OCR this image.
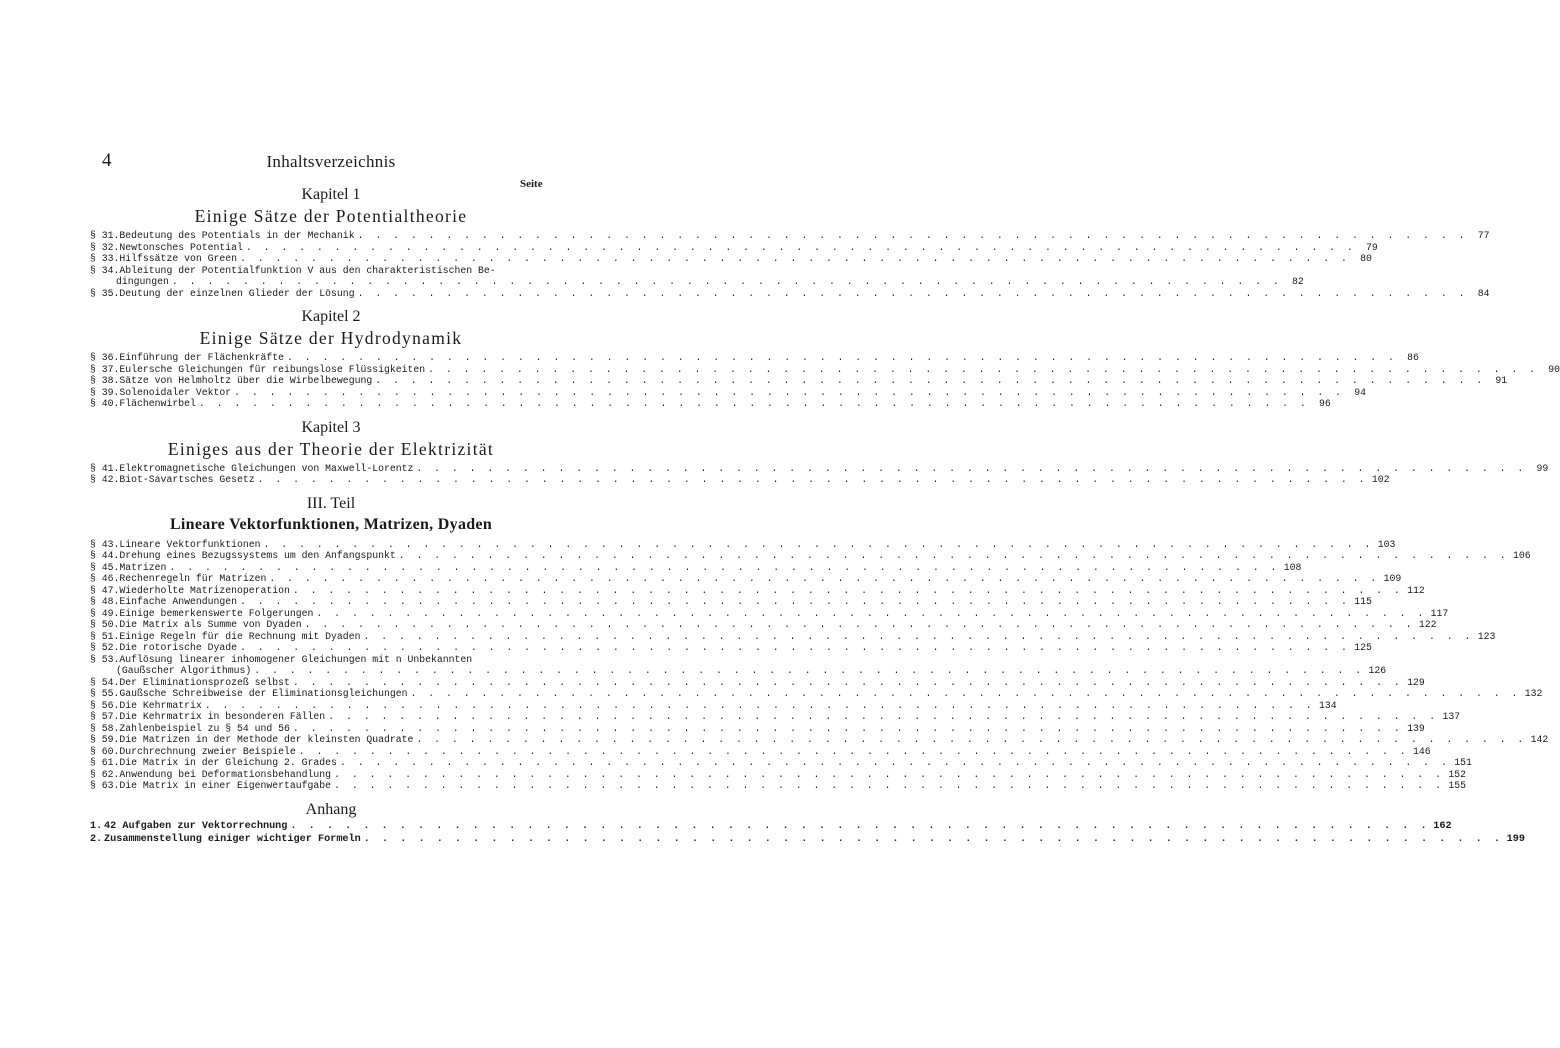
4	Inhaltsverzeichnis
Seite
Kapitel 1
Einige Sätze der Potentialtheorie
§ 31. Bedeutung des Potentials in der Mechanik . . .	77
§ 32. Newtonsches Potential . . .	79
§ 33. Hilfssätze von Green . . .	80
§ 34. Ableitung der Potentialfunktion V aus den charakteristischen Be-
dingungen . . .	82
§ 35. Deutung der einzelnen Glieder der Lösung . . .	84
Kapitel 2
Einige Sätze der Hydrodynamik
§ 36. Einführung der Flächenkräfte . . .	86
§ 37. Eulersche Gleichungen für reibungslose Flüssigkeiten . . .	90
§ 38. Sätze von Helmholtz über die Wirbelbewegung . . .	91
§ 39. Solenoidaler Vektor . . .	94
§ 40. Flächenwirbel . . .	96
Kapitel 3
Einiges aus der Theorie der Elektrizität
§ 41. Elektromagnetische Gleichungen von Maxwell-Lorentz . . .	99
§ 42. Biot-Savartsches Gesetz . . .	102
III. Teil
Lineare Vektorfunktionen, Matrizen, Dyaden
§ 43. Lineare Vektorfunktionen . . .	103
§ 44. Drehung eines Bezugssystems um den Anfangspunkt . . .	106
§ 45. Matrizen . . .	108
§ 46. Rechenregeln für Matrizen . . .	109
§ 47. Wiederholte Matrizenoperation . . .	112
§ 48. Einfache Anwendungen . . .	115
§ 49. Einige bemerkenswerte Folgerungen . . .	117
§ 50. Die Matrix als Summe von Dyaden . . .	122
§ 51. Einige Regeln für die Rechnung mit Dyaden . . .	123
§ 52. Die rotorische Dyade . . .	125
§ 53. Auflösung linearer inhomogener Gleichungen mit n Unbekannten
(Gaußscher Algorithmus) . . .	126
§ 54. Der Eliminationsprozeß selbst . . .	129
§ 55. Gaußsche Schreibweise der Eliminationsgleichungen . . .	132
§ 56. Die Kehrmatrix . . .	134
§ 57. Die Kehrmatrix in besonderen Fällen . . .	137
§ 58. Zahlenbeispiel zu § 54 und 56 . . .	139
§ 59. Die Matrizen in der Methode der kleinsten Quadrate . . .	142
§ 60. Durchrechnung zweier Beispiele . . .	146
§ 61. Die Matrix in der Gleichung 2. Grades . . .	151
§ 62. Anwendung bei Deformationsbehandlung . . .	152
§ 63. Die Matrix in einer Eigenwertaufgabe . . .	155
Anhang
1. 42 Aufgaben zur Vektorrechnung . . .	162
2. Zusammenstellung einiger wichtiger Formeln . . .	199
